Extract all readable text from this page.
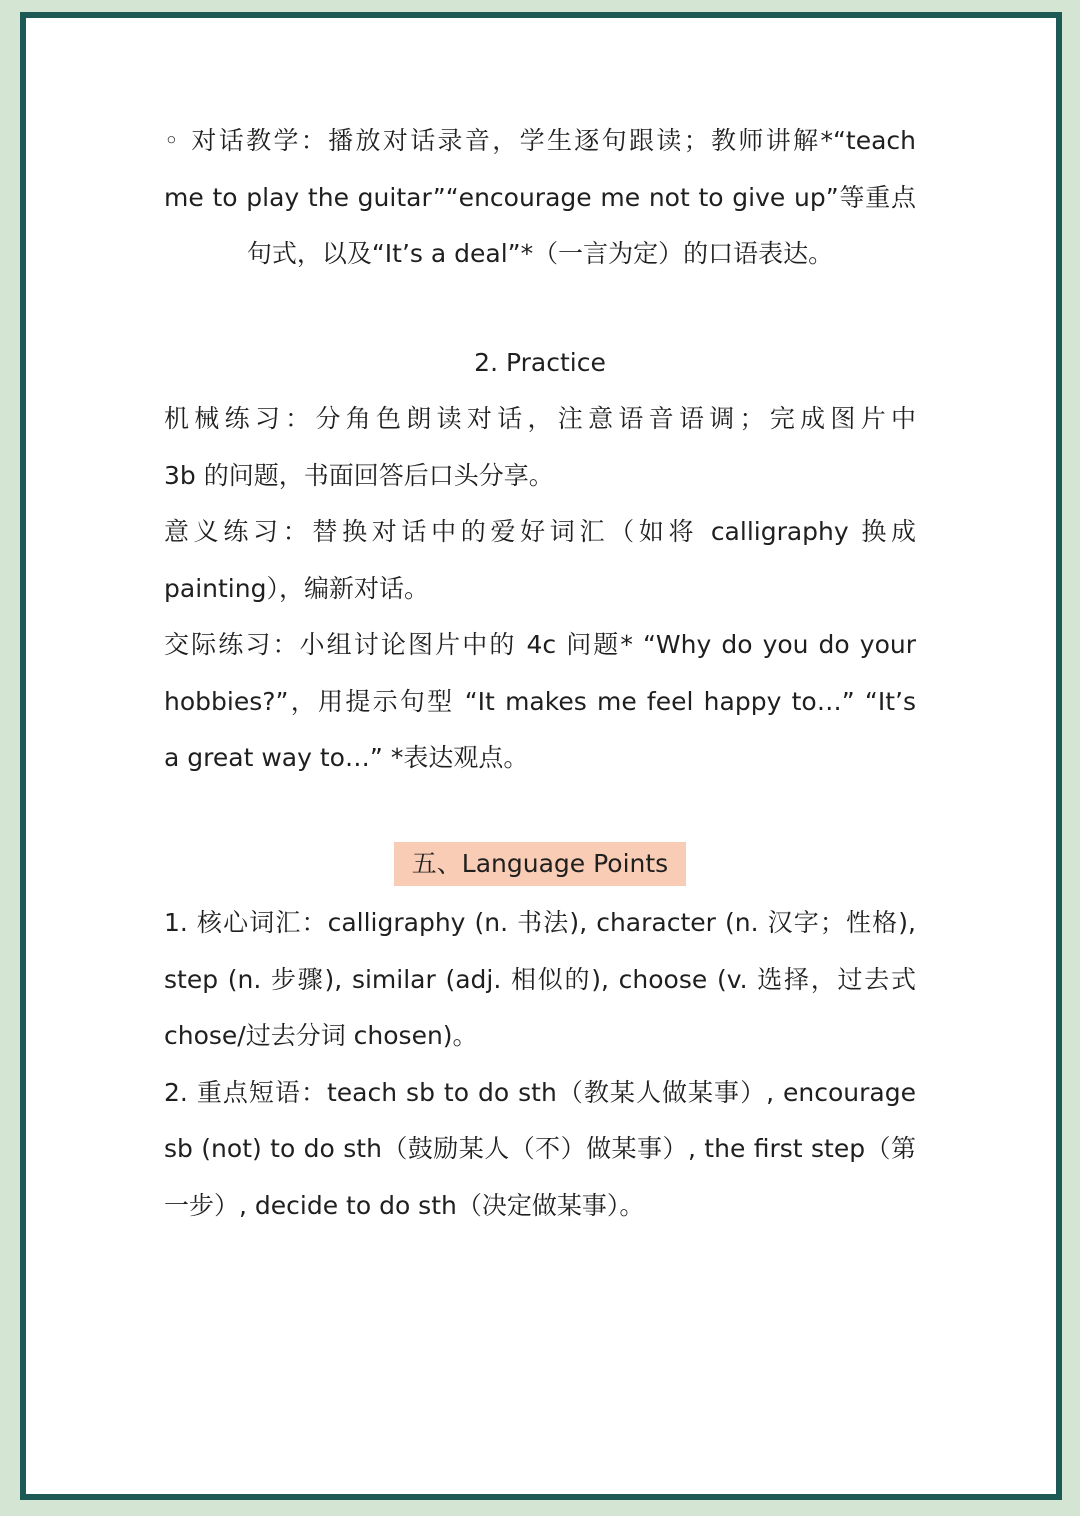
◦ 对话教学：播放对话录音，学生逐句跟读；教师讲解*“teach

me to play the guitar”“encourage me not to give up”等重点

句式，以及“It’s a deal”*（一言为定）的口语表达。

2. Practice

机械练习：分角色朗读对话，注意语音语调；完成图片中

3b 的问题，书面回答后口头分享。

意义练习：替换对话中的爱好词汇（如将 calligraphy 换成

painting），编新对话。

交际练习：小组讨论图片中的 4c 问题* “Why do you do your

hobbies?”，用提示句型 “It makes me feel happy to…” “It’s

a great way to…” *表达观点。

五、Language Points

1. 核心词汇：calligraphy (n. 书法), character (n. 汉字；性格),

step (n. 步骤), similar (adj. 相似的), choose (v. 选择，过去式

chose/过去分词 chosen)。

2. 重点短语：teach sb to do sth（教某人做某事）, encourage

sb (not) to do sth（鼓励某人（不）做某事）, the first step（第

一步）, decide to do sth（决定做某事）。
